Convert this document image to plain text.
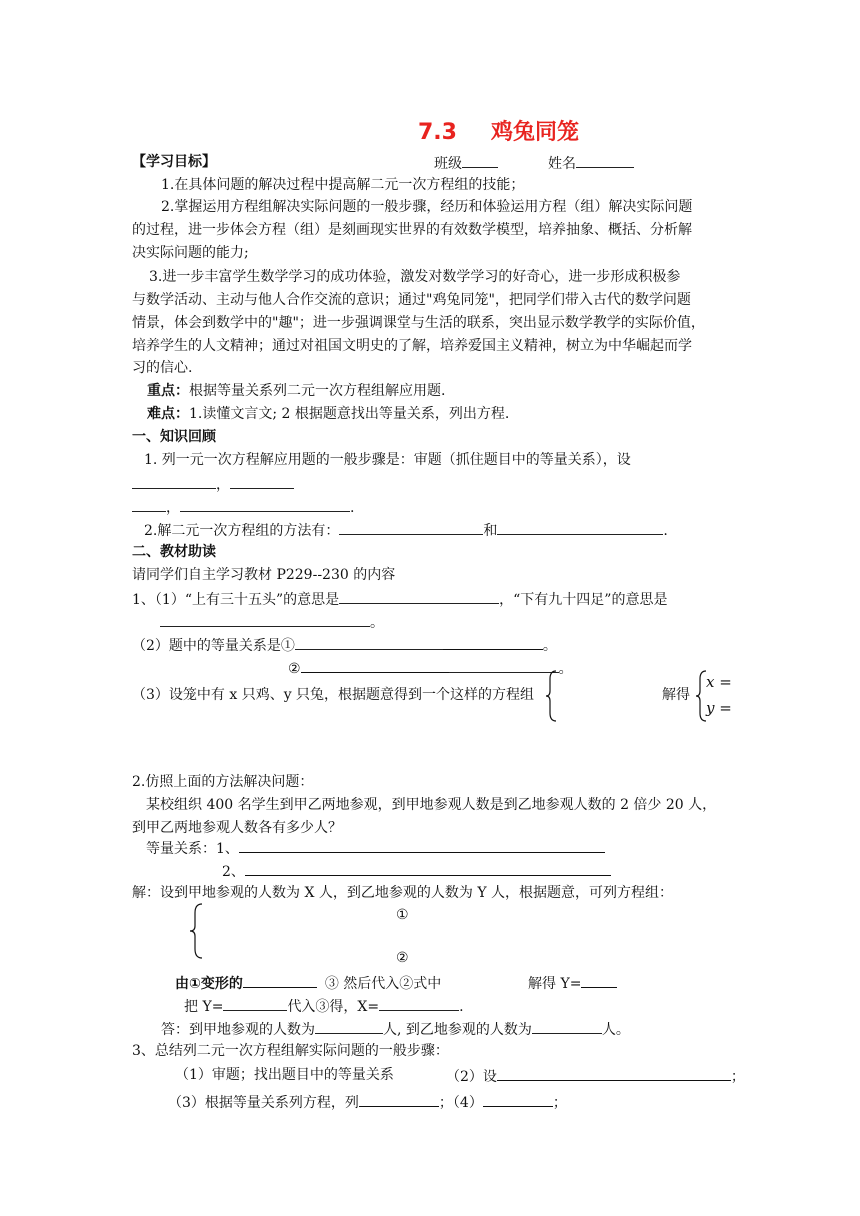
7.3 鸡兔同笼
【学习目标】	班级	姓名
1.在具体问题的解决过程中提高解二元一次方程组的技能；
2.掌握运用方程组解决实际问题的一般步骤，经历和体验运用方程（组）解决实际问题
的过程，进一步体会方程（组）是刻画现实世界的有效数学模型，培养抽象、概括、分析解
决实际问题的能力;
3.进一步丰富学生数学学习的成功体验，激发对数学学习的好奇心，进一步形成积极参
与数学活动、主动与他人合作交流的意识；通过"鸡兔同笼"，把同学们带入古代的数学问题
情景，体会到数学中的"趣"；进一步强调课堂与生活的联系，突出显示数学教学的实际价值，
培养学生的人文精神；通过对祖国文明史的了解，培养爱国主义精神，树立为中华崛起而学
习的信心.
重点：根据等量关系列二元一次方程组解应用题.
难点：1.读懂文言文; 2 根据题意找出等量关系，列出方程.
一、知识回顾
1. 列一元一次方程解应用题的一般步骤是：审题（抓住题目中的等量关系），设
，
，	.
2.解二元一次方程组的方法有：	和	.
二、教材助读
请同学们自主学习教材 P229--230 的内容
1、（1）“上有三十五头”的意思是	，“下有九十四足”的意思是
。
（2）题中的等量关系是①	。
②	。
（3）设笼中有 x 只鸡、y 只兔，根据题意得到一个这样的方程组	解得
x =
y =
2.仿照上面的方法解决问题：
某校组织 400 名学生到甲乙两地参观，到甲地参观人数是到乙地参观人数的 2 倍少 20 人，
到甲乙两地参观人数各有多少人？
等量关系：1、
2、
解：设到甲地参观的人数为 X 人，到乙地参观的人数为 Y 人，根据题意，可列方程组：
①
②
由①变形的	③ 然后代入②式中	解得 Y=
把 Y=	代入③得，X=	.
答：到甲地参观的人数为	人, 到乙地参观的人数为	人。
3、总结列二元一次方程组解实际问题的一般步骤：
（1）审题；找出题目中的等量关系	（2）设	；
（3）根据等量关系列方程，列	；（4）	；
